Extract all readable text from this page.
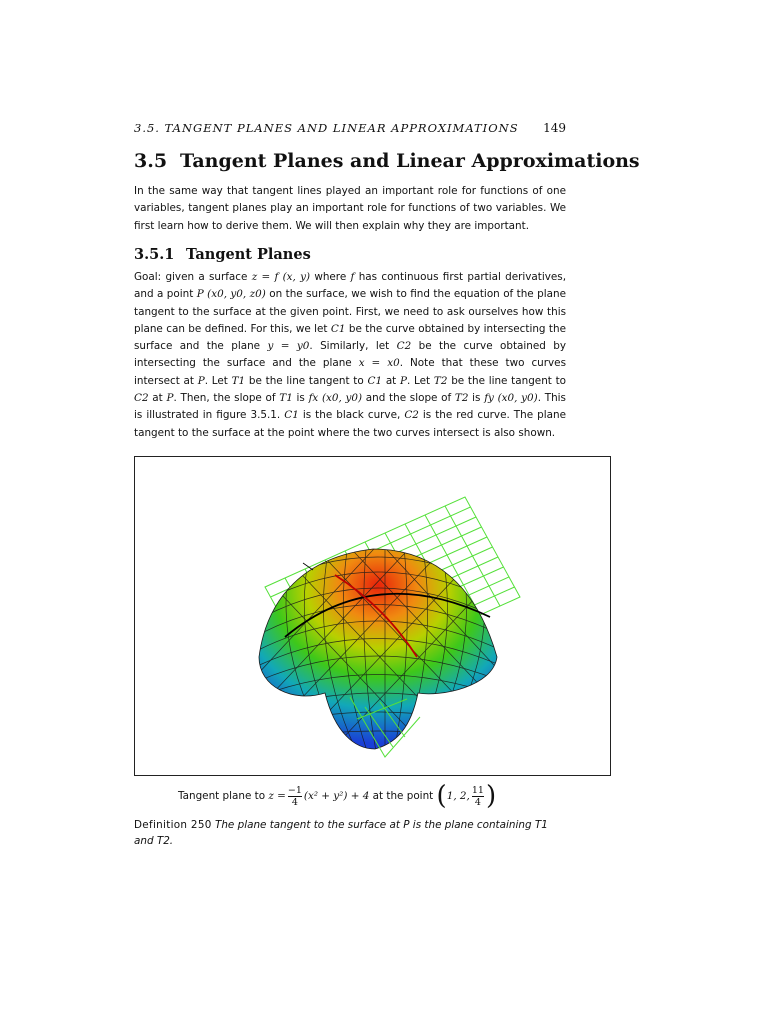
3.5. TANGENT PLANES AND LINEAR APPROXIMATIONS 149
3.5 Tangent Planes and Linear Approximations
In the same way that tangent lines played an important role for functions of one variables, tangent planes play an important role for functions of two variables. We first learn how to derive them. We will then explain why they are important.
3.5.1 Tangent Planes
Goal: given a surface z = f (x, y) where f has continuous first partial derivatives, and a point P (x0, y0, z0) on the surface, we wish to find the equation of the plane tangent to the surface at the given point. First, we need to ask ourselves how this plane can be defined. For this, we let C1 be the curve obtained by intersecting the surface and the plane y = y0. Similarly, let C2 be the curve obtained by intersecting the surface and the plane x = x0. Note that these two curves intersect at P. Let T1 be the line tangent to C1 at P. Let T2 be the line tangent to C2 at P. Then, the slope of T1 is fx (x0, y0) and the slope of T2 is fy (x0, y0). This is illustrated in figure 3.5.1. C1 is the black curve, C2 is the red curve. The plane tangent to the surface at the point where the two curves intersect is also shown.
Tangent plane to
$z = \frac{-1}{4} (x^2 + y^2) + 4$
at the point
( 1, 2, $\frac{11}{4}$ )
Definition 250 The plane tangent to the surface at P is the plane containing T1 and T2.
